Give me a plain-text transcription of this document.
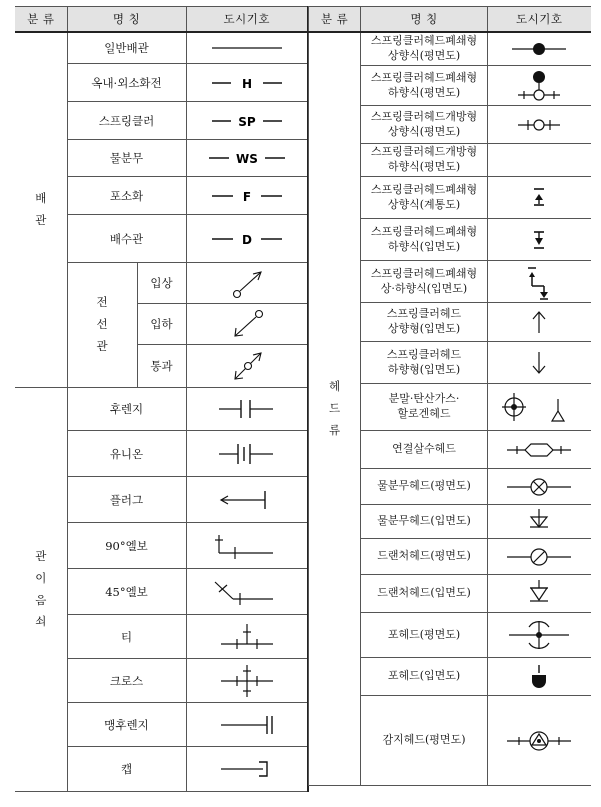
분 류	명 칭		도시기호
배
관	일반배관	

	옥내·외소화전		H

	스프링클러		SP

	물분무		WS

	포소화		F

	배수관		D

	전
선
관	입상	

		입하	

		통과	

관
이
음
쇠	후렌지	

	유니온	

	플러그	

	90°엘보	

	45°엘보	

	티	

	크로스	

	맹후렌지	

	캡	
분 류	명 칭	도시기호
헤
드
류	스프링클러헤드폐쇄형
상향식(평면도)	

	스프링클러헤드폐쇄형
하향식(평면도)	

	스프링클러헤드개방형
상향식(평면도)	

	스프링클러헤드개방형
하향식(평면도)	
	스프링클러헤드폐쇄형
상향식(계통도)	

	스프링클러헤드폐쇄형
하향식(입면도)	

	스프링클러헤드폐쇄형
상·하향식(입면도)	

	스프링클러헤드
상향형(입면도)	

	스프링클러헤드
하향형(입면도)	

	분말·탄산가스·
할로겐헤드	

	연결살수헤드	

	물분무헤드(평면도)	

	물분무헤드(입면도)	

	드랜처헤드(평면도)	

	드랜처헤드(입면도)	

	포헤드(평면도)	

	포헤드(입면도)	

	감지헤드(평면도)	
